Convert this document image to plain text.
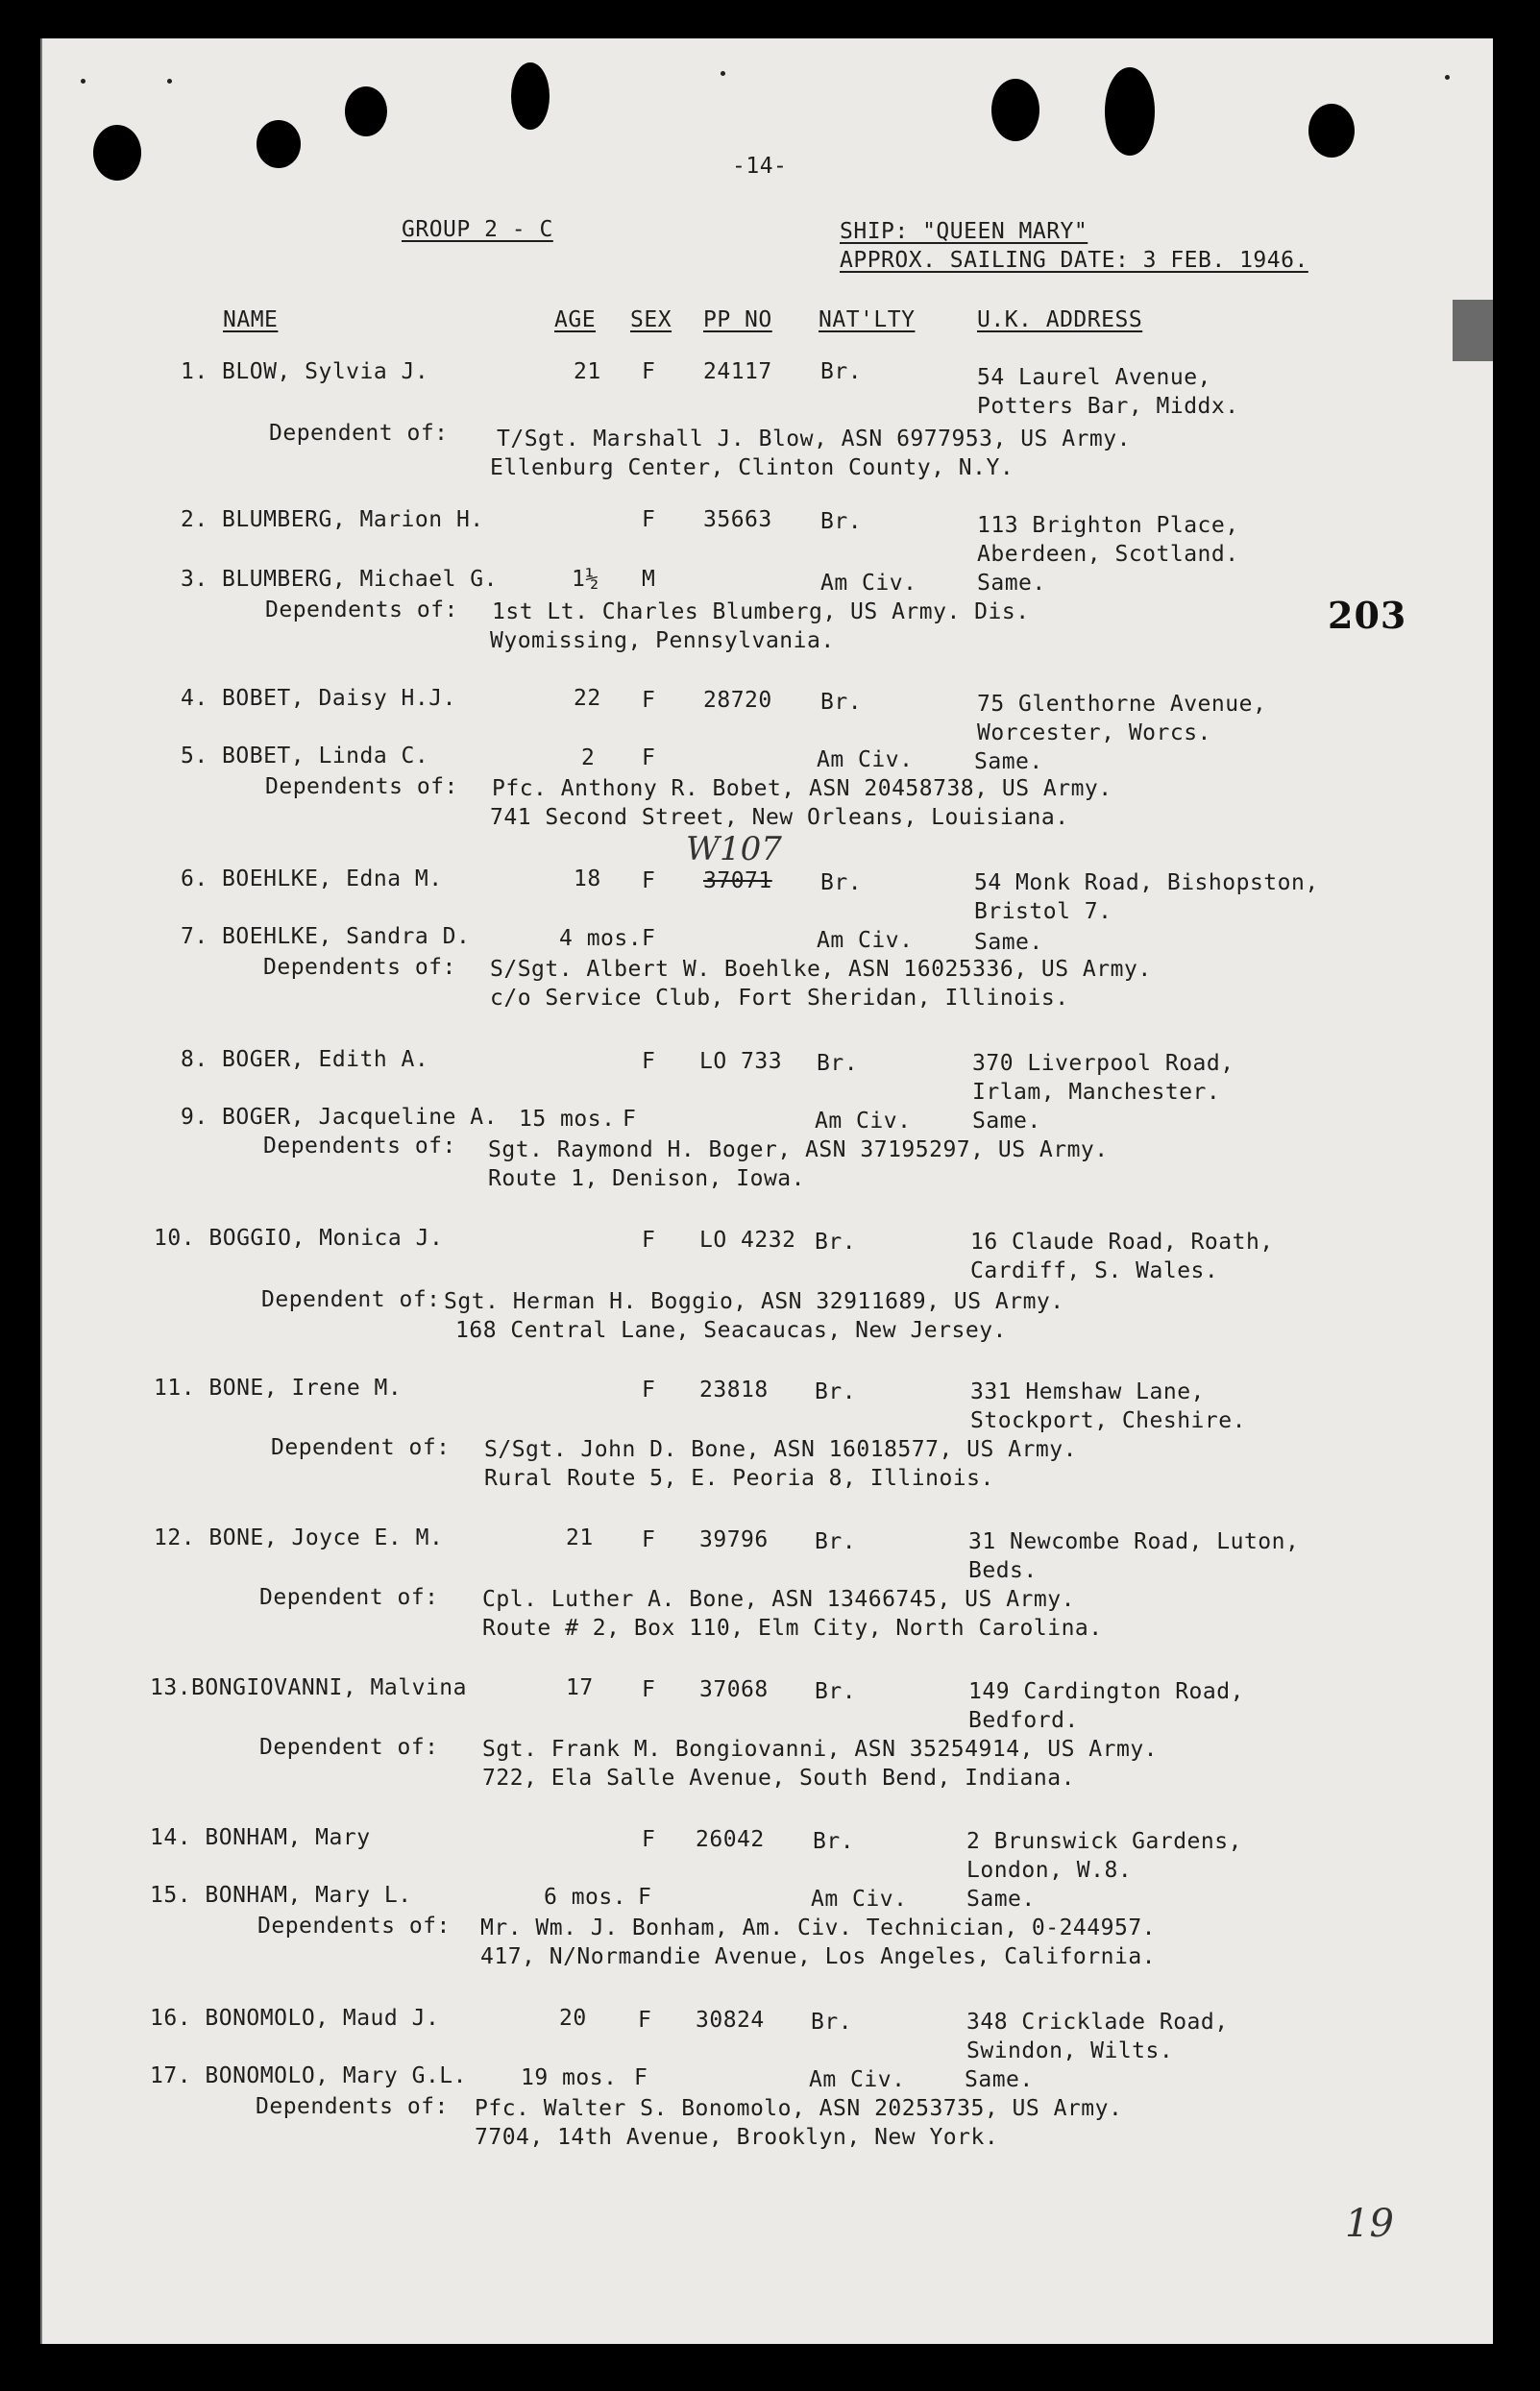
-14-
GROUP 2 - C	SHIP: "QUEEN MARY"
APPROX. SAILING DATE: 3 FEB. 1946.
NAME	AGE SEX PP NO NAT'LTY	U.K. ADDRESS
1. BLOW, Sylvia J.	21 F 24117 Br.	54 Laurel Avenue,
Potters Bar, Middx.
Dependent of: T/Sgt. Marshall J. Blow, ASN 6977953, US Army.
Ellenburg Center, Clinton County, N.Y.
2. BLUMBERG, Marion H.	F 35663 Br.	113 Brighton Place,
Aberdeen, Scotland.
3. BLUMBERG, Michael G.	1½ M	Am Civ.	Same.
Dependents of: 1st Lt. Charles Blumberg, US Army. Dis.
Wyomissing, Pennsylvania.
203
4. BOBET, Daisy H.J.	22 F 28720 Br.	75 Glenthorne Avenue,
Worcester, Worcs.
5. BOBET, Linda C.	2 F	Am Civ.	Same.
Dependents of: Pfc. Anthony R. Bobet, ASN 20458738, US Army.
741 Second Street, New Orleans, Louisiana.
W107
6. BOEHLKE, Edna M.	18 F 37071 Br.	54 Monk Road, Bishopston,
Bristol 7.
7. BOEHLKE, Sandra D.	4 mos. F	Am Civ.	Same.
Dependents of: S/Sgt. Albert W. Boehlke, ASN 16025336, US Army.
c/o Service Club, Fort Sheridan, Illinois.
8. BOGER, Edith A.	F LO 733 Br.	370 Liverpool Road,
Irlam, Manchester.
9. BOGER, Jacqueline A. 15 mos. F	Am Civ.	Same.
Dependents of: Sgt. Raymond H. Boger, ASN 37195297, US Army.
Route 1, Denison, Iowa.
10. BOGGIO, Monica J.	F LO 4232 Br.	16 Claude Road, Roath,
Cardiff, S. Wales.
Dependent of: Sgt. Herman H. Boggio, ASN 32911689, US Army.
168 Central Lane, Seacaucas, New Jersey.
11. BONE, Irene M.	F 23818 Br.	331 Hemshaw Lane,
Stockport, Cheshire.
Dependent of: S/Sgt. John D. Bone, ASN 16018577, US Army.
Rural Route 5, E. Peoria 8, Illinois.
12. BONE, Joyce E. M.	21 F 39796 Br.	31 Newcombe Road, Luton,
Beds.
Dependent of: Cpl. Luther A. Bone, ASN 13466745, US Army.
Route # 2, Box 110, Elm City, North Carolina.
13.BONGIOVANNI, Malvina	17 F 37068 Br.	149 Cardington Road,
Bedford.
Dependent of: Sgt. Frank M. Bongiovanni, ASN 35254914, US Army.
722, Ela Salle Avenue, South Bend, Indiana.
14. BONHAM, Mary	F 26042 Br.	2 Brunswick Gardens,
London, W.8.
15. BONHAM, Mary L.	6 mos. F	Am Civ.	Same.
Dependents of: Mr. Wm. J. Bonham, Am. Civ. Technician, 0-244957.
417, N/Normandie Avenue, Los Angeles, California.
16. BONOMOLO, Maud J.	20 F 30824 Br.	348 Cricklade Road,
Swindon, Wilts.
17. BONOMOLO, Mary G.L. 19 mos. F	Am Civ.	Same.
Dependents of: Pfc. Walter S. Bonomolo, ASN 20253735, US Army.
7704, 14th Avenue, Brooklyn, New York.
19
